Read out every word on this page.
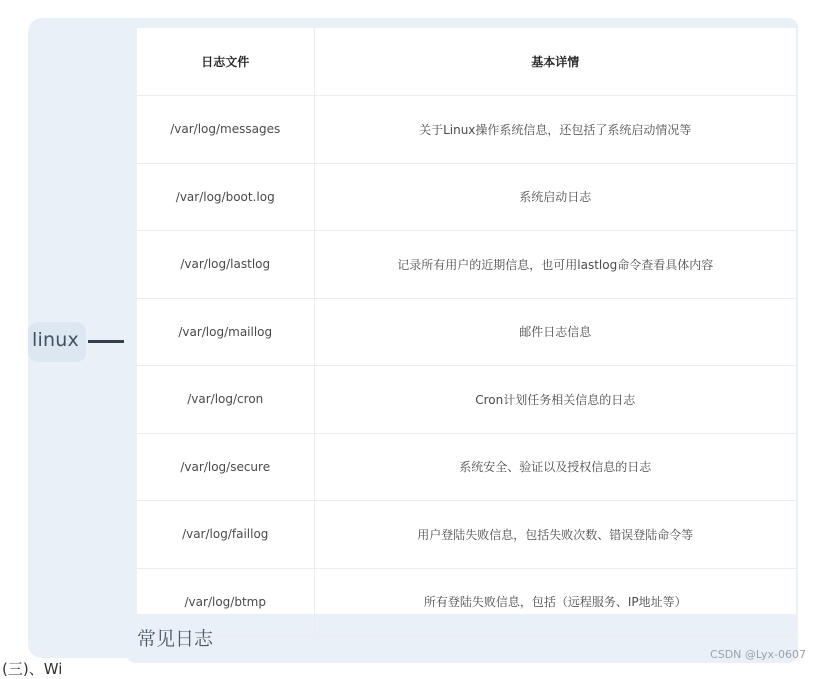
linux
日志文件	基本详情
/var/log/messages	关于Linux操作系统信息，还包括了系统启动情况等
/var/log/boot.log	系统启动日志
/var/log/lastlog	记录所有用户的近期信息，也可用lastlog命令查看具体内容
/var/log/maillog	邮件日志信息
/var/log/cron	Cron计划任务相关信息的日志
/var/log/secure	系统安全、验证以及授权信息的日志
/var/log/faillog	用户登陆失败信息，包括失败次数、错误登陆命令等
/var/log/btmp	所有登陆失败信息，包括（远程服务、IP地址等）
常见日志
CSDN @Lyx-0607
(三)、Wi
